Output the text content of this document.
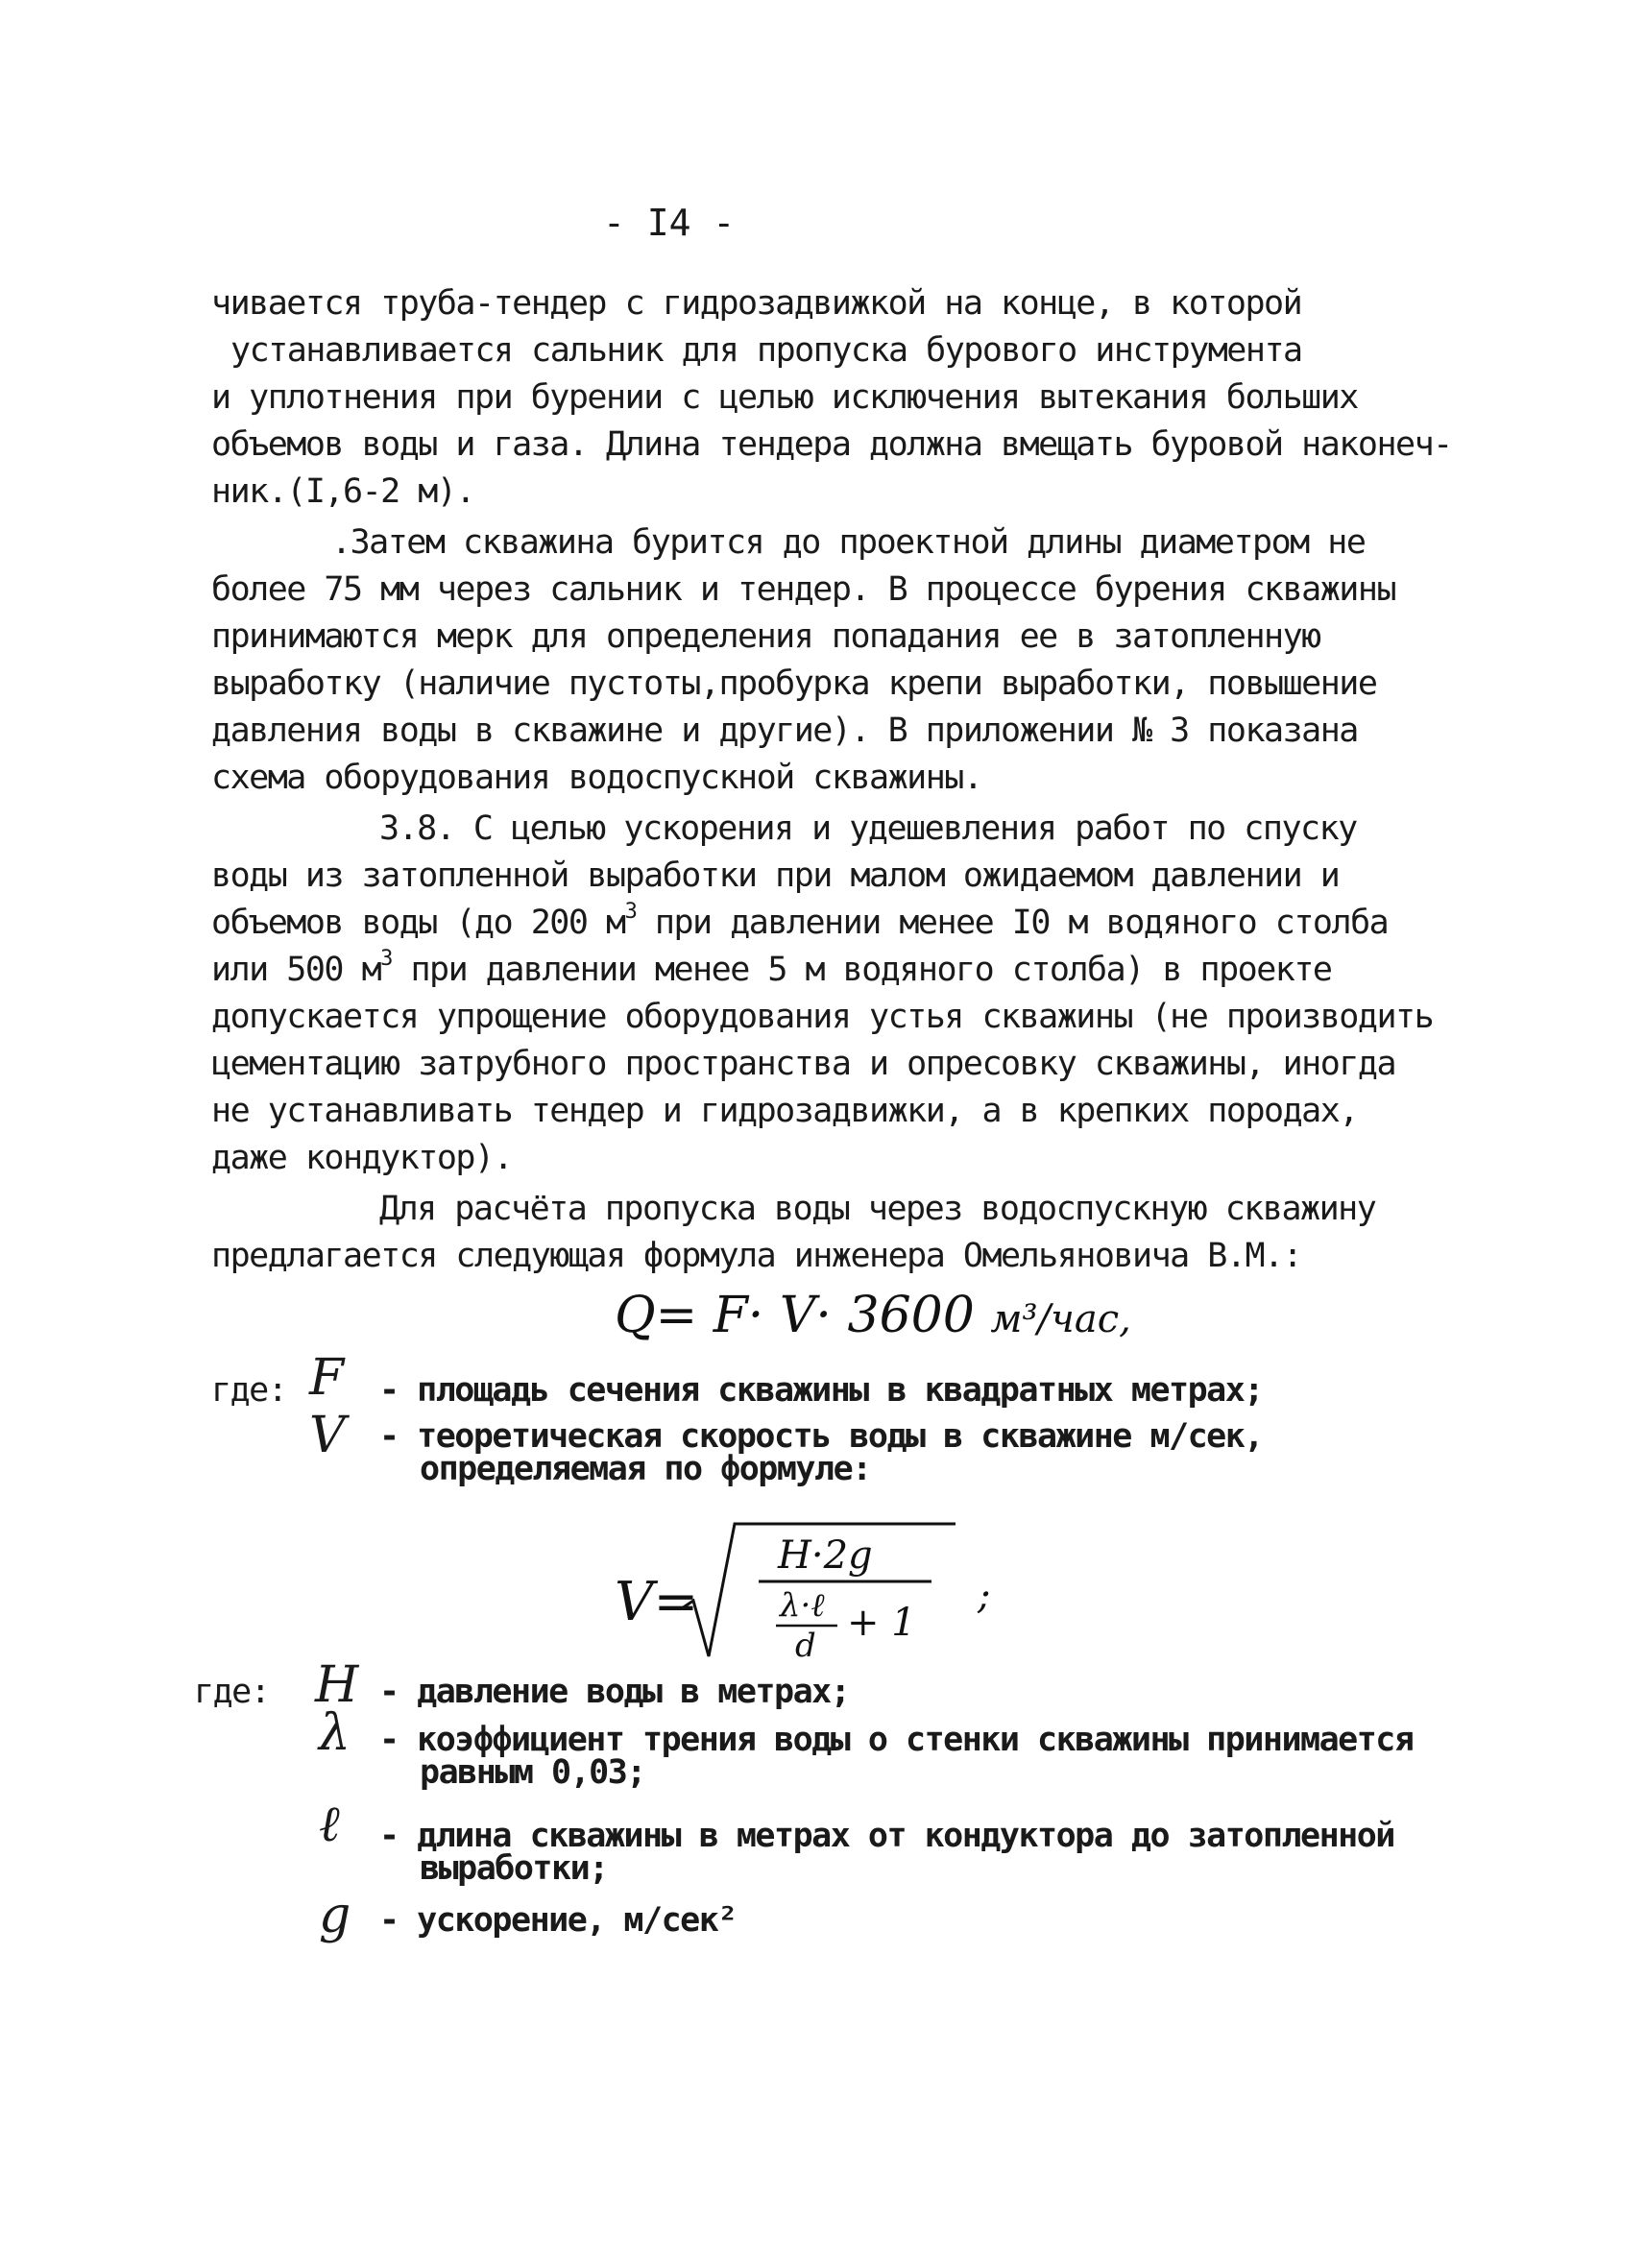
- I4 -
чивается труба-тендер с гидрозадвижкой на конце, в которой
устанавливается сальник для пропуска бурового инструмента
и уплотнения при бурении с целью исключения вытекания больших
объемов воды и газа. Длина тендера должна вмещать буровой наконеч-
ник.(I,6-2 м).
.Затем скважина бурится до проектной длины диаметром не
более 75 мм через сальник и тендер. В процессе бурения скважины
принимаются мерк для определения попадания ее в затопленную
выработку (наличие пустоты,пробурка крепи выработки, повышение
давления воды в скважине и другие). В приложении № 3 показана
схема оборудования водоспускной скважины.
3.8. С целью ускорения и удешевления работ по спуску
воды из затопленной выработки при малом ожидаемом давлении и
объемов воды (до 200 $м^3$ при давлении менее I0 м водяного столба
или 500 $м^3$ при давлении менее 5 м водяного столба) в проекте
допускается упрощение оборудования устья скважины (не производить
цементацию затрубного пространства и опресовку скважины, иногда
не устанавливать тендер и гидрозадвижки, а в крепких породах,
даже кондуктор).
Для расчёта пропуска воды через водоспускную скважину
предлагается следующая формула инженера Омельяновича В.М.:
Q= F· V· 3600 м³/час,
где: F - площадь сечения скважины в квадратных метрах;
V - теоретическая скорость воды в скважине м/сек,
определяемая по формуле:
V=
H·2g
λ·ℓ
d
+ 1
;
где: H - давление воды в метрах;
λ - коэффициент трения воды о стенки скважины принимается
равным 0,03;
ℓ - длина скважины в метрах от кондуктора до затопленной
выработки;
g - ускорение, м/сек²
